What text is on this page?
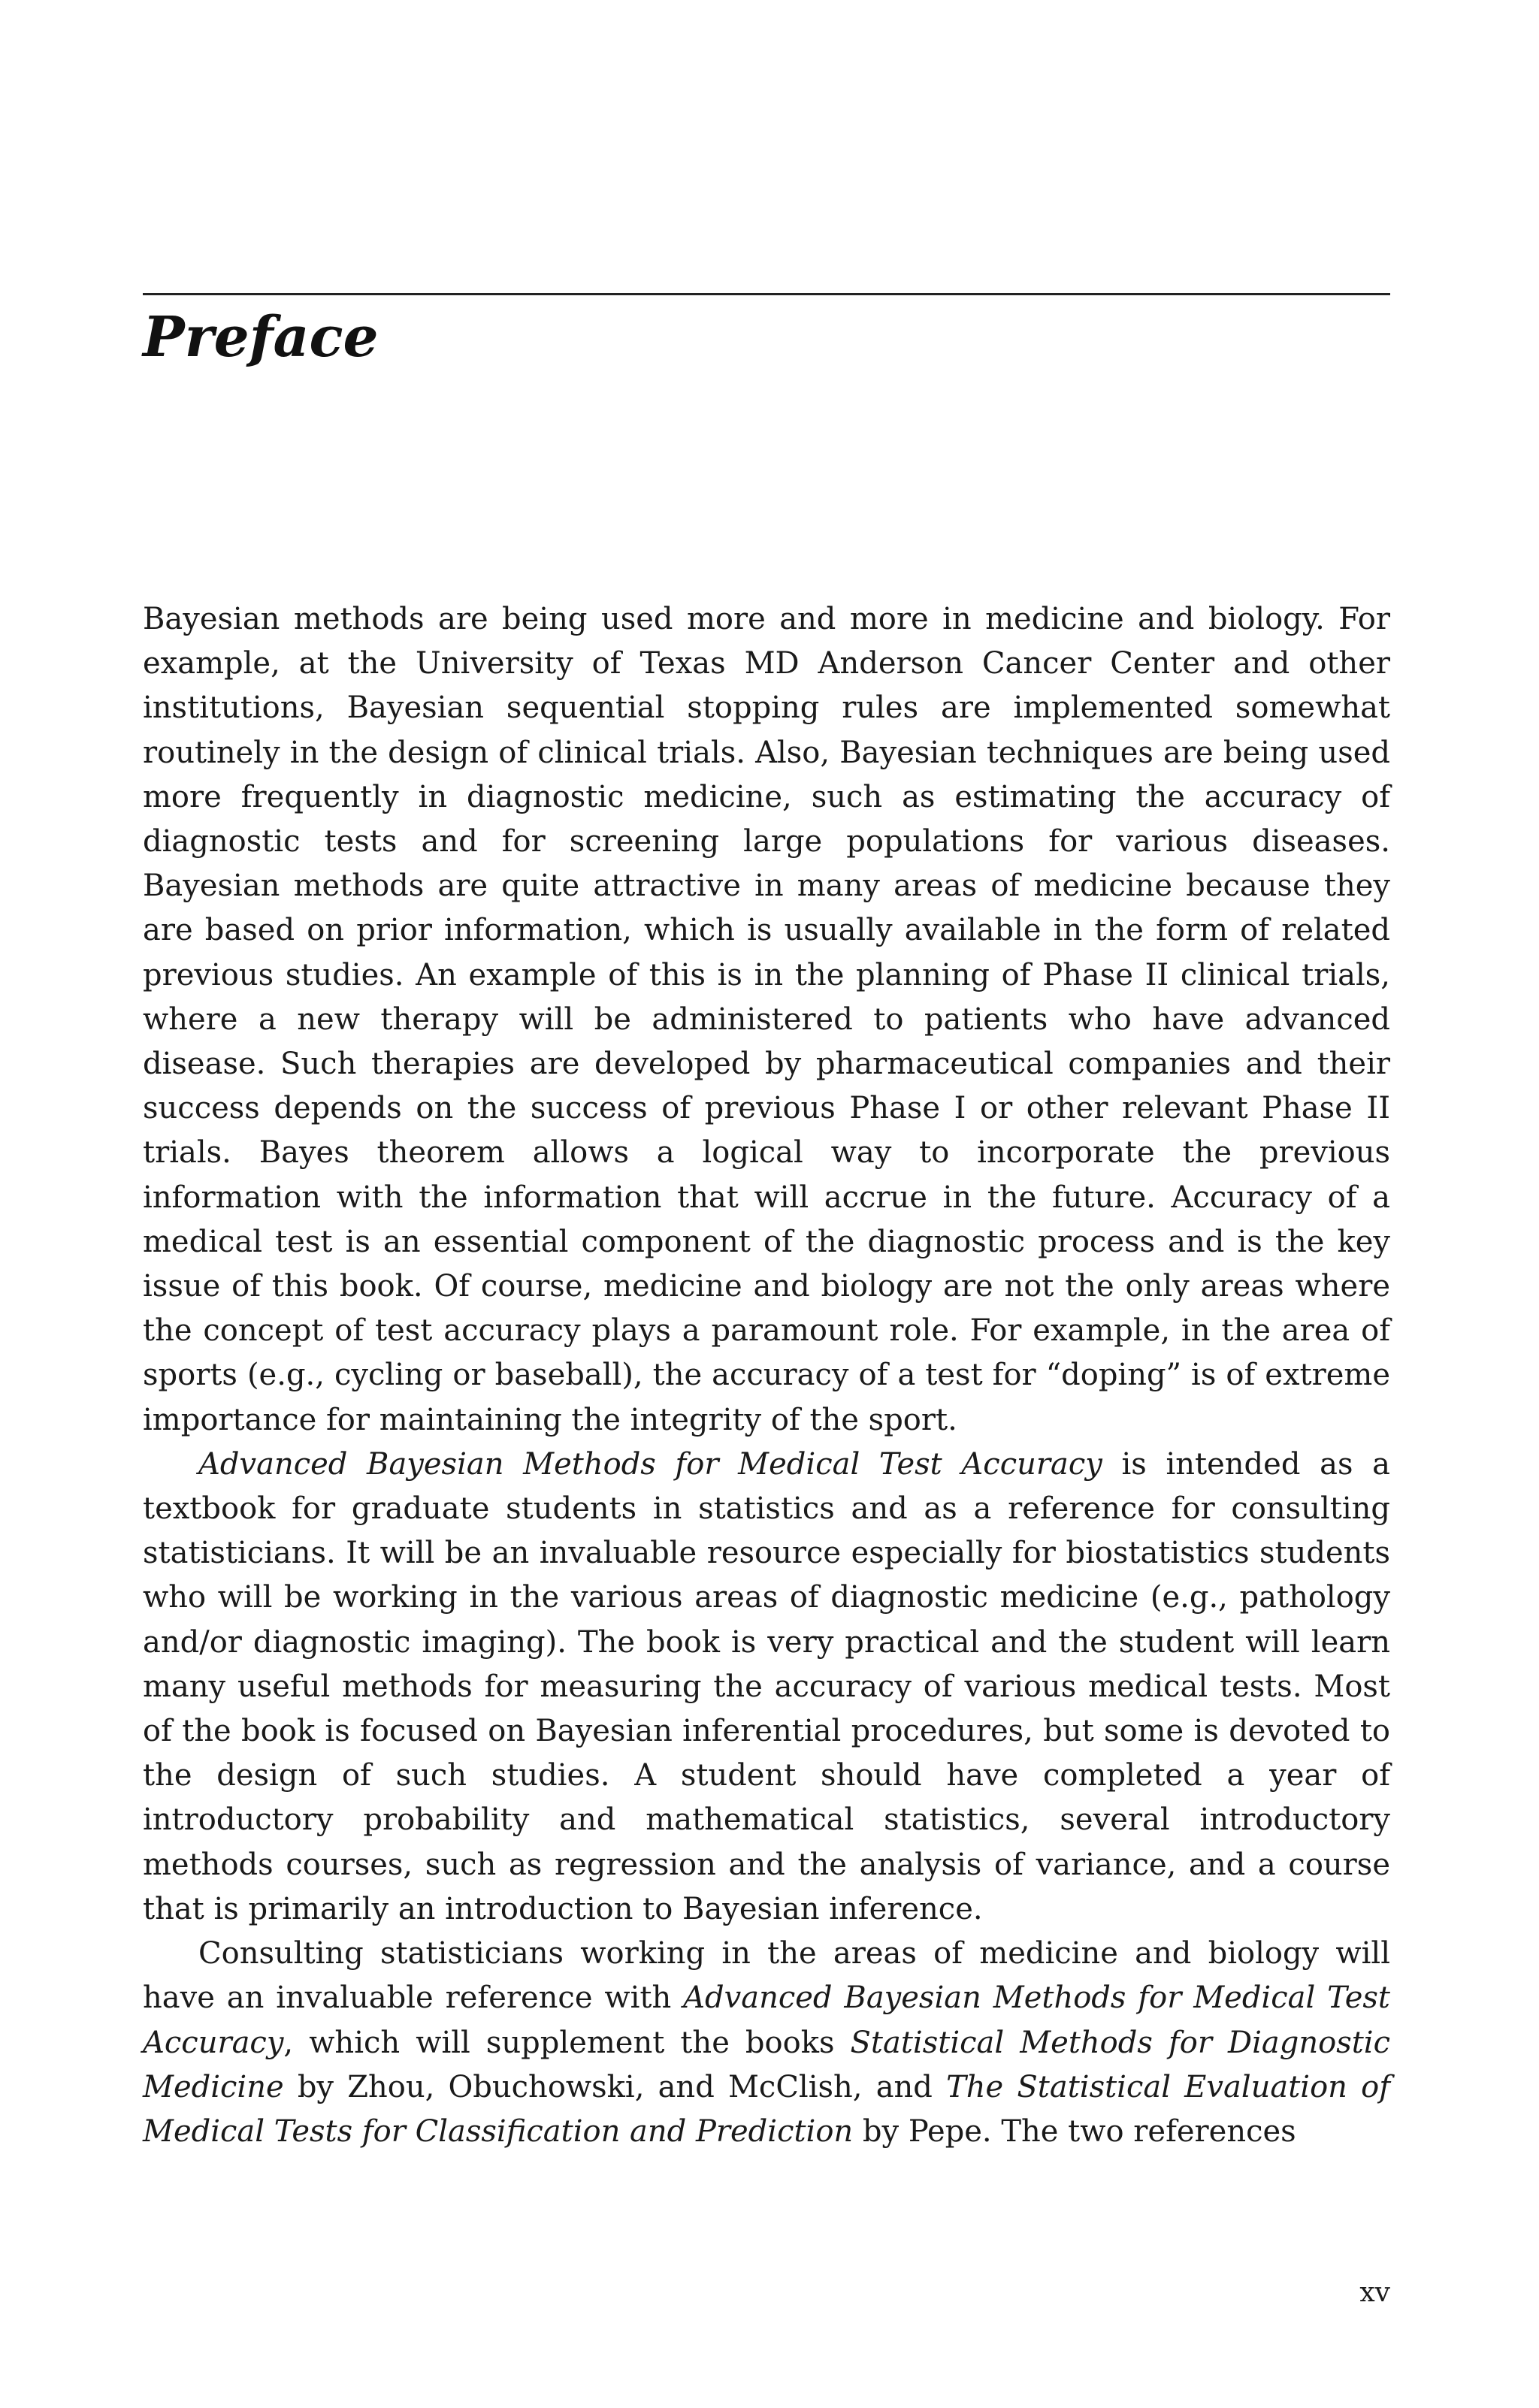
Preface

Bayesian methods are being used more and more in medicine and biology. For example, at the University of Texas MD Anderson Cancer Center and other institutions, Bayesian sequential stopping rules are implemented somewhat routinely in the design of clinical trials. Also, Bayesian techniques are being used more frequently in diagnostic medicine, such as estimating the accuracy of diagnostic tests and for screening large populations for various diseases. Bayesian methods are quite attractive in many areas of medicine because they are based on prior information, which is usually available in the form of related previous studies. An example of this is in the planning of Phase II clinical trials, where a new therapy will be administered to patients who have advanced disease. Such therapies are developed by pharmaceutical companies and their success depends on the success of previous Phase I or other relevant Phase II trials. Bayes theorem allows a logical way to incorporate the previous information with the information that will accrue in the future. Accuracy of a medical test is an essential component of the diagnostic process and is the key issue of this book. Of course, medicine and biology are not the only areas where the concept of test accuracy plays a paramount role. For example, in the area of sports (e.g., cycling or baseball), the accuracy of a test for “doping” is of extreme importance for maintaining the integrity of the sport.

Advanced Bayesian Methods for Medical Test Accuracy is intended as a textbook for graduate students in statistics and as a reference for consulting statisticians. It will be an invaluable resource especially for biostatistics students who will be working in the various areas of diagnostic medicine (e.g., pathology and/or diagnostic imaging). The book is very practical and the student will learn many useful methods for measuring the accuracy of various medical tests. Most of the book is focused on Bayesian inferential procedures, but some is devoted to the design of such studies. A student should have completed a year of introductory probability and mathematical statistics, several introductory methods courses, such as regression and the analysis of variance, and a course that is primarily an introduction to Bayesian inference.

Consulting statisticians working in the areas of medicine and biology will have an invaluable reference with Advanced Bayesian Methods for Medical Test Accuracy, which will supplement the books Statistical Methods for Diagnostic Medicine by Zhou, Obuchowski, and McClish, and The Statistical Evaluation of Medical Tests for Classification and Prediction by Pepe. The two references

xv
